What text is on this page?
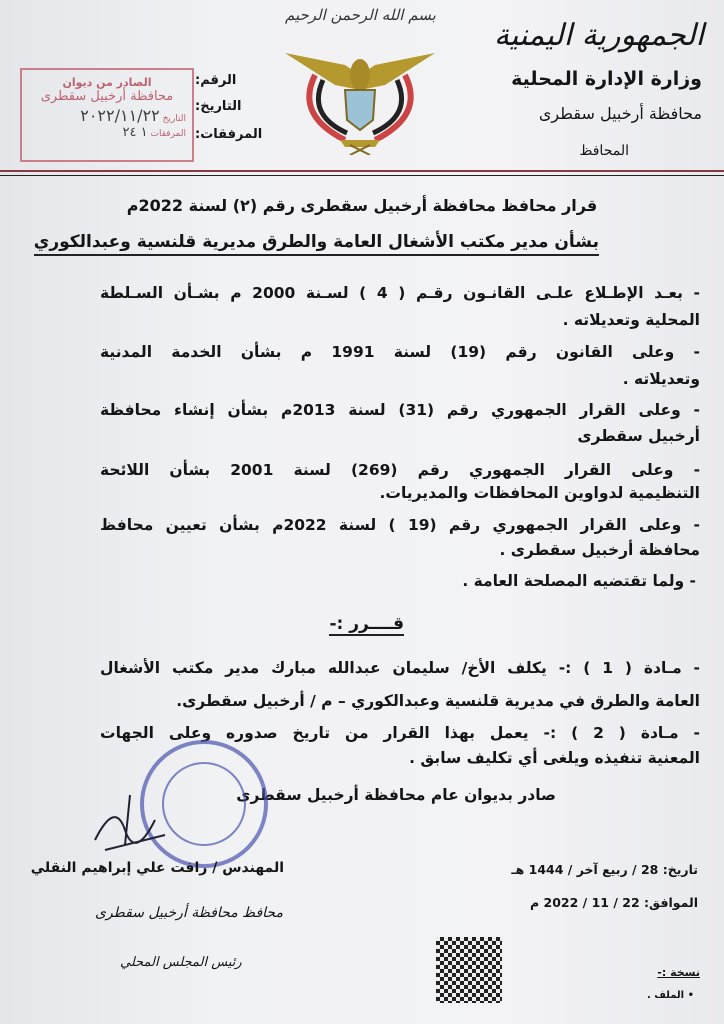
الجمهورية اليمنية
وزارة الإدارة المحلية
محافظة أرخبيل سقطرى
المحافظ
بسم الله الرحمن الرحيم
الرقم:
التاريخ:
المرفقات:
الصادر من ديوان
محافظة أرخبيل سقطرى
التاريخ ٢٠٢٢/١١/٢٢
المرفقات ١ ٢٤
قرار محافظ محافظة أرخبيل سقطرى رقم (٢) لسنة 2022م
بشأن مدير مكتب الأشغال العامة والطرق مديرية قلنسية وعبدالكوري
- بعـد الإطـلاع علـى القانـون رقـم ( 4 ) لسـنة 2000 م بشـأن السـلطة
المحلية وتعديلاته .
- وعلى القانون رقم (19) لسنة 1991 م بشأن الخدمة المدنية
وتعديلاته .
- وعلى القرار الجمهوري رقم (31) لسنة 2013م بشأن إنشاء محافظة
أرخبيل سقطرى
- وعلى القرار الجمهوري رقم (269) لسنة 2001 بشأن اللائحة
التنظيمية لدواوين المحافظات والمديريات.
- وعلى القرار الجمهوري رقم (19 ) لسنة 2022م بشأن تعيين محافظ
محافظة أرخبيل سقطرى .
- ولما تقتضيه المصلحة العامة .
قــــرر :-
- مـادة ( 1 ) :- يكلف الأخ/ سليمان عبدالله مبارك مدير مكتب الأشغال
العامة والطرق في مديرية قلنسية وعبدالكوري – م / أرخبيل سقطرى.
- مـادة ( 2 ) :- يعمل بهذا القرار من تاريخ صدوره وعلى الجهات
المعنية تنفيذه ويلغى أي تكليف سابق .
صادر بديوان عام محافظة أرخبيل سقطرى
المهندس / رافت علي إبراهيم النقلي
محافظ محافظة أرخبيل سقطرى
رئيس المجلس المحلي
تاريخ: 28 / ربيع آخر / 1444 هـ
الموافق: 22 / 11 / 2022 م
نسخة :-
• الملف .
